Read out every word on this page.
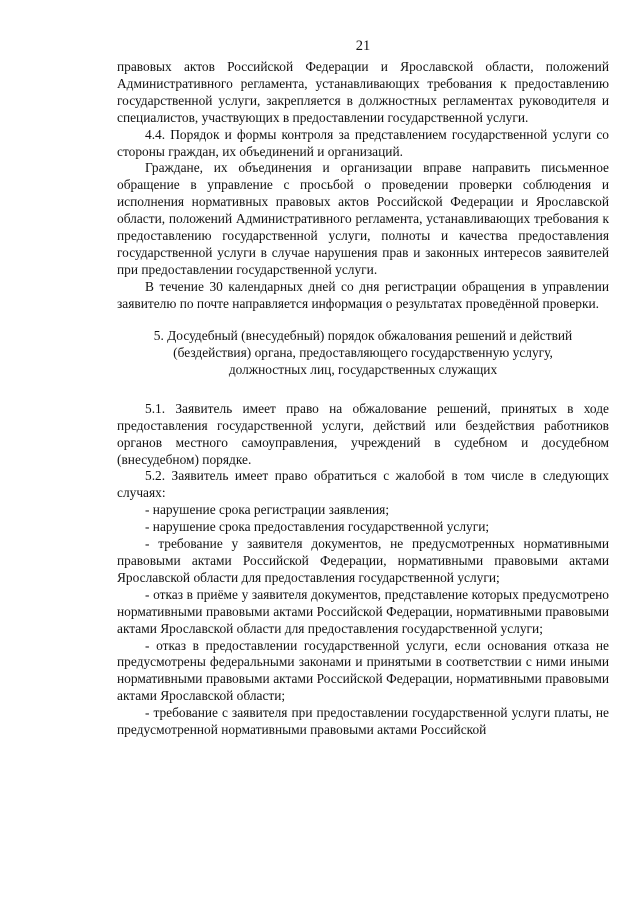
21

правовых актов Российской Федерации и Ярославской области, положений Административного регламента, устанавливающих требования к предоставлению государственной услуги, закрепляется в должностных регламентах руководителя и специалистов, участвующих в предоставлении государственной услуги.

4.4. Порядок и формы контроля за представлением государственной услуги со стороны граждан, их объединений и организаций.

Граждане, их объединения и организации вправе направить письменное обращение в управление с просьбой о проведении проверки соблюдения и исполнения нормативных правовых актов Российской Федерации и Ярославской области, положений Административного регламента, устанавливающих требования к предоставлению государственной услуги, полноты и качества предоставления государственной услуги в случае нарушения прав и законных интересов заявителей при предоставлении государственной услуги.

В течение 30 календарных дней со дня регистрации обращения в управлении заявителю по почте направляется информация о результатах проведённой проверки.

5. Досудебный (внесудебный) порядок обжалования решений и действий
(бездействия) органа, предоставляющего государственную услугу,
должностных лиц, государственных служащих

5.1. Заявитель имеет право на обжалование решений, принятых в ходе предоставления государственной услуги, действий или бездействия работников органов местного самоуправления, учреждений в судебном и досудебном (внесудебном) порядке.

5.2. Заявитель имеет право обратиться с жалобой в том числе в следующих случаях:

- нарушение срока регистрации заявления;

- нарушение срока предоставления государственной услуги;

- требование у заявителя документов, не предусмотренных нормативными правовыми актами Российской Федерации, нормативными правовыми актами Ярославской области для предоставления государственной услуги;

- отказ в приёме у заявителя документов, представление которых предусмотрено нормативными правовыми актами Российской Федерации, нормативными правовыми актами Ярославской области для предоставления государственной услуги;

- отказ в предоставлении государственной услуги, если основания отказа не предусмотрены федеральными законами и принятыми в соответствии с ними иными нормативными правовыми актами Российской Федерации, нормативными правовыми актами Ярославской области;

- требование с заявителя при предоставлении государственной услуги платы, не предусмотренной нормативными правовыми актами Российской
